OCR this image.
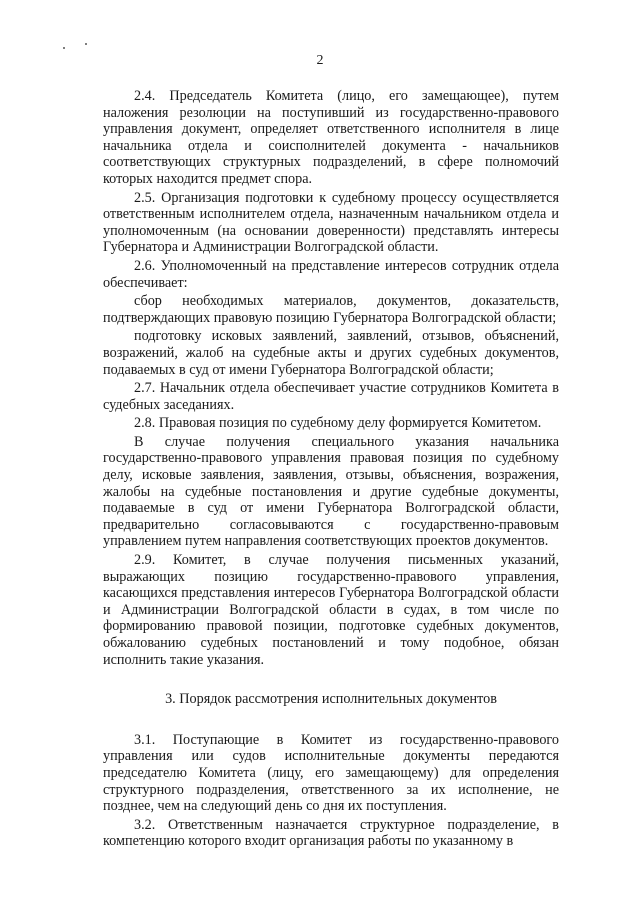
2

2.4. Председатель Комитета (лицо, его замещающее), путем наложения резолюции на поступивший из государственно-правового управления документ, определяет ответственного исполнителя в лице начальника отдела и соисполнителей документа - начальников соответствующих структурных подразделений, в сфере полномочий которых находится предмет спора.

2.5. Организация подготовки к судебному процессу осуществляется ответственным исполнителем отдела, назначенным начальником отдела и уполномоченным (на основании доверенности) представлять интересы Губернатора и Администрации Волгоградской области.

2.6. Уполномоченный на представление интересов сотрудник отдела обеспечивает:

сбор необходимых материалов, документов, доказательств, подтверждающих правовую позицию Губернатора Волгоградской области;

подготовку исковых заявлений, заявлений, отзывов, объяснений, возражений, жалоб на судебные акты и других судебных документов, подаваемых в суд от имени Губернатора Волгоградской области;

2.7. Начальник отдела обеспечивает участие сотрудников Комитета в судебных заседаниях.

2.8. Правовая позиция по судебному делу формируется Комитетом.

В случае получения специального указания начальника государственно-правового управления правовая позиция по судебному делу, исковые заявления, заявления, отзывы, объяснения, возражения, жалобы на судебные постановления и другие судебные документы, подаваемые в суд от имени Губернатора Волгоградской области, предварительно согласовываются с государственно-правовым управлением путем направления соответствующих проектов документов.

2.9. Комитет, в случае получения письменных указаний, выражающих позицию государственно-правового управления, касающихся представления интересов Губернатора Волгоградской области и Администрации Волгоградской области в судах, в том числе по формированию правовой позиции, подготовке судебных документов, обжалованию судебных постановлений и тому подобное, обязан исполнить такие указания.

3. Порядок рассмотрения исполнительных документов

3.1. Поступающие в Комитет из государственно-правового управления или судов исполнительные документы передаются председателю Комитета (лицу, его замещающему) для определения структурного подразделения, ответственного за их исполнение, не позднее, чем на следующий день со дня их поступления.

3.2. Ответственным назначается структурное подразделение, в компетенцию которого входит организация работы по указанному в
